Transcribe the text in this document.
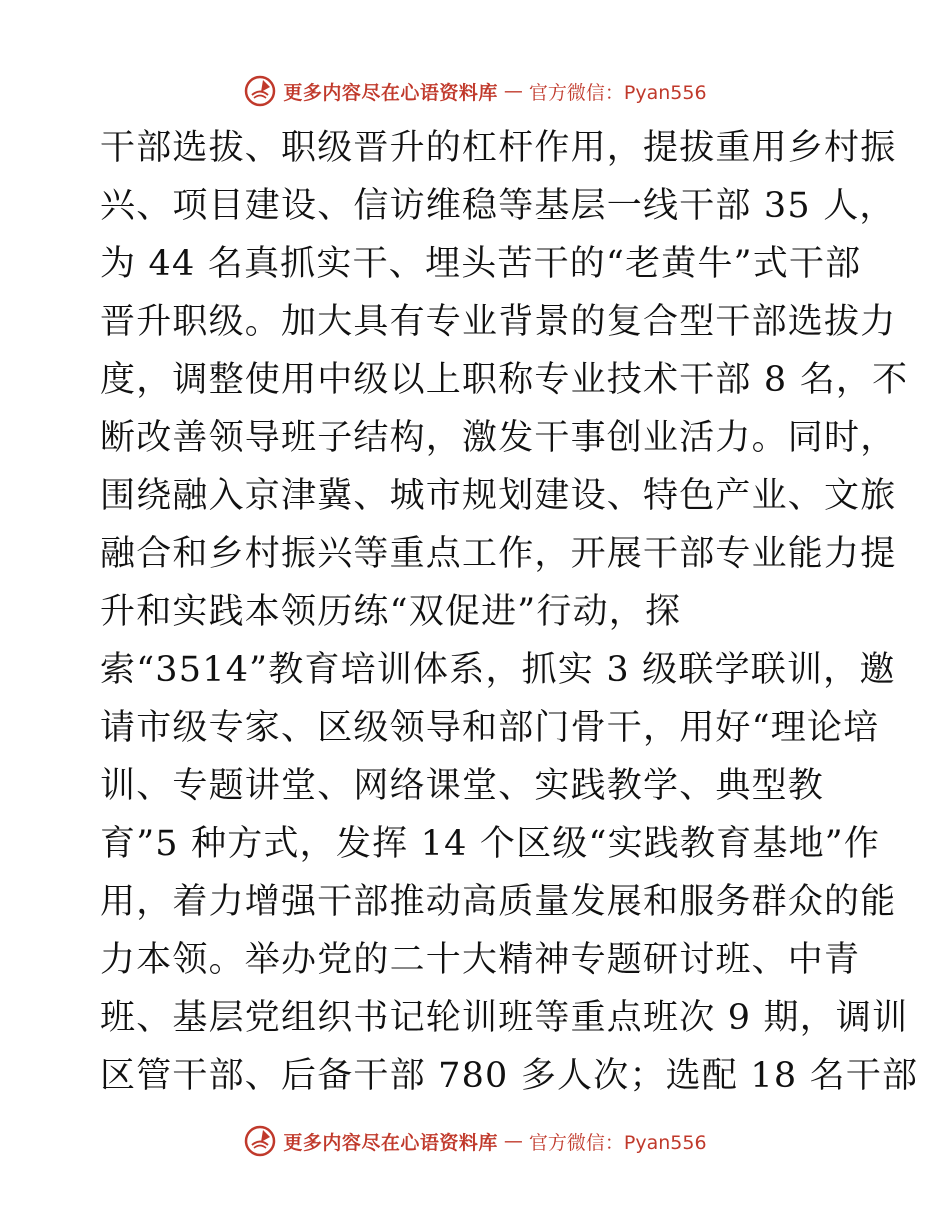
更多内容尽在心语资料库 — 官方微信：Pyan556
干部选拔、职级晋升的杠杆作用，提拔重用乡村振
兴、项目建设、信访维稳等基层一线干部 35 人，
为 44 名真抓实干、埋头苦干的“老黄牛”式干部
晋升职级。加大具有专业背景的复合型干部选拔力
度，调整使用中级以上职称专业技术干部 8 名，不
断改善领导班子结构，激发干事创业活力。同时，
围绕融入京津冀、城市规划建设、特色产业、文旅
融合和乡村振兴等重点工作，开展干部专业能力提
升和实践本领历练“双促进”行动，探
索“3514”教育培训体系，抓实 3 级联学联训，邀
请市级专家、区级领导和部门骨干，用好“理论培
训、专题讲堂、网络课堂、实践教学、典型教
育”5 种方式，发挥 14 个区级“实践教育基地”作
用，着力增强干部推动高质量发展和服务群众的能
力本领。举办党的二十大精神专题研讨班、中青
班、基层党组织书记轮训班等重点班次 9 期，调训
区管干部、后备干部 780 多人次；选配 18 名干部
更多内容尽在心语资料库 — 官方微信：Pyan556
